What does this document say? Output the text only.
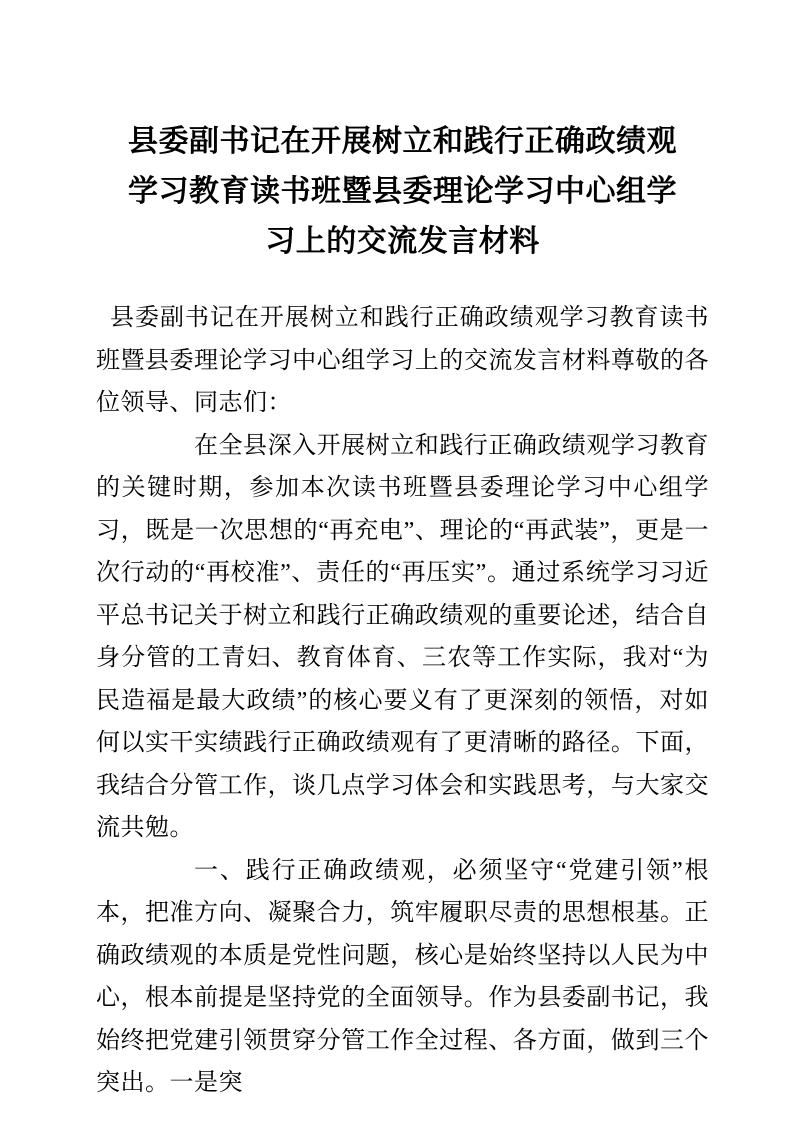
县委副书记在开展树立和践行正确政绩观学习教育读书班暨县委理论学习中心组学习上的交流发言材料

县委副书记在开展树立和践行正确政绩观学习教育读书班暨县委理论学习中心组学习上的交流发言材料尊敬的各位领导、同志们：

在全县深入开展树立和践行正确政绩观学习教育的关键时期，参加本次读书班暨县委理论学习中心组学习，既是一次思想的“再充电”、理论的“再武装”，更是一次行动的“再校准”、责任的“再压实”。通过系统学习习近平总书记关于树立和践行正确政绩观的重要论述，结合自身分管的工青妇、教育体育、三农等工作实际，我对“为民造福是最大政绩”的核心要义有了更深刻的领悟，对如何以实干实绩践行正确政绩观有了更清晰的路径。下面，我结合分管工作，谈几点学习体会和实践思考，与大家交流共勉。

一、践行正确政绩观，必须坚守“党建引领”根本，把准方向、凝聚合力，筑牢履职尽责的思想根基。正确政绩观的本质是党性问题，核心是始终坚持以人民为中心，根本前提是坚持党的全面领导。作为县委副书记，我始终把党建引领贯穿分管工作全过程、各方面，做到三个突出。一是突
